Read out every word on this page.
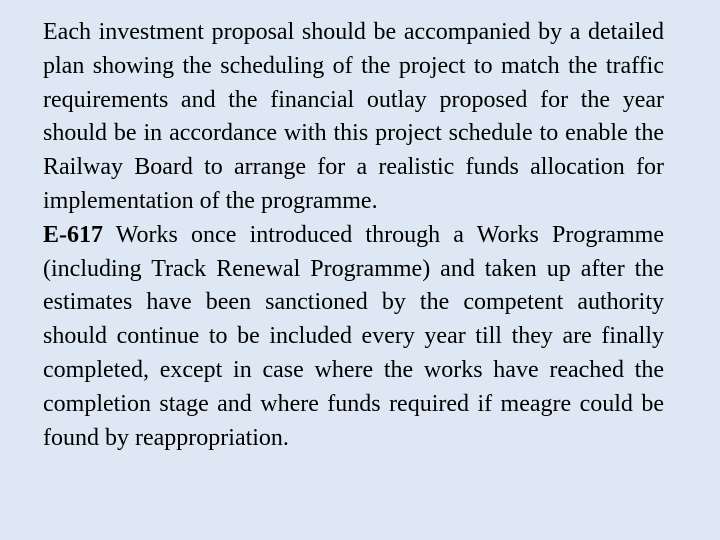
Each investment proposal should be accompanied by a detailed plan showing the scheduling of the project to match the traffic requirements and the financial outlay proposed for the year should be in accordance with this project schedule to enable the Railway Board to arrange for a realistic funds allocation for implementation of the programme.

E-617 Works once introduced through a Works Programme (including Track Renewal Programme) and taken up after the estimates have been sanctioned by the competent authority should continue to be included every year till they are finally completed, except in case where the works have reached the completion stage and where funds required if meagre could be found by reappropriation.
